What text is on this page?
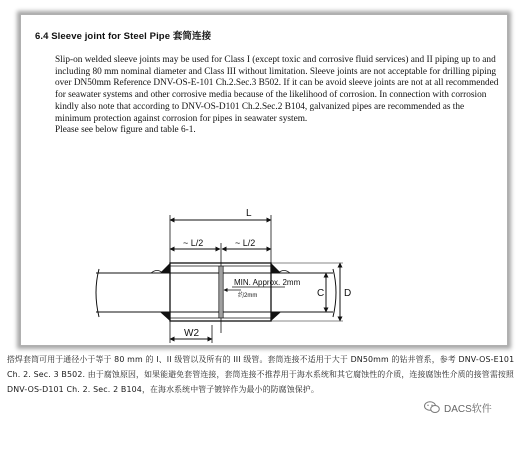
6.4 Sleeve joint for Steel Pipe 套筒连接

Slip-on welded sleeve joints may be used for Class I (except toxic and corrosive fluid services) and II piping up to and including 80 mm nominal diameter and Class III without limitation. Sleeve joints are not acceptable for drilling piping over DN50mm Reference DNV-OS-E-101 Ch.2.Sec.3 B502. If it can be avoid sleeve joints are not at all recommended for seawater systems and other corrosive media because of the likelihood of corrosion. In connection with corrosion kindly also note that according to DNV-OS-D101 Ch.2.Sec.2 B104, galvanized pipes are recommended as the minimum protection against corrosion for pipes in seawater system.

Please see below figure and table 6-1.

L
~ L/2	~ L/2
MIN. Approx. 2mm
约2mm
W2
C D

搭焊套筒可用于通径小于等于 80 mm 的 I、II 级管以及所有的 III 级管。套筒连接不适用于大于 DN50mm 的钻井管系，参考 DNV-OS-E101 Ch. 2. Sec. 3 B502. 由于腐蚀原因，如果能避免套管连接，套筒连接不推荐用于海水系统和其它腐蚀性的介质，连接腐蚀性介质的接管需按照 DNV-OS-D101 Ch. 2. Sec. 2 B104，在海水系统中管子镀锌作为最小的防腐蚀保护。

DACS软件
